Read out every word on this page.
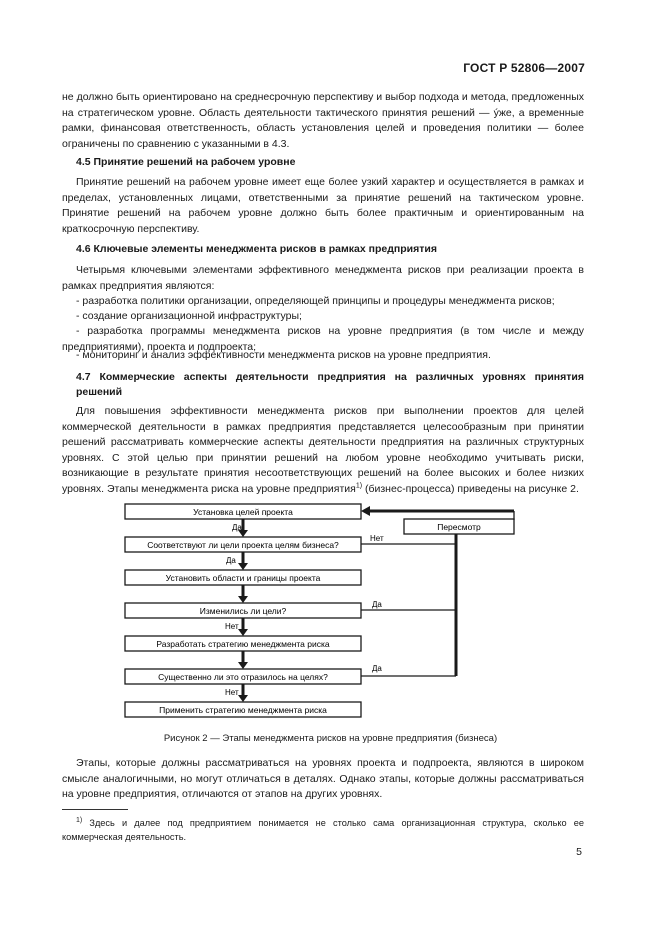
ГОСТ Р 52806—2007

не должно быть ориентировано на среднесрочную перспективу и выбор подхода и метода, предложенных на стратегическом уровне. Область деятельности тактического принятия решений — ýже, а временные рамки, финансовая ответственность, область установления целей и проведения политики — более ограничены по сравнению с указанными в 4.3.

4.5 Принятие решений на рабочем уровне

Принятие решений на рабочем уровне имеет еще более узкий характер и осуществляется в рамках и пределах, установленных лицами, ответственными за принятие решений на тактическом уровне. Принятие решений на рабочем уровне должно быть более практичным и ориентированным на краткосрочную перспективу.

4.6 Ключевые элементы менеджмента рисков в рамках предприятия

Четырьмя ключевыми элементами эффективного менеджмента рисков при реализации проекта в рамках предприятия являются:

- разработка политики организации, определяющей принципы и процедуры менеджмента рисков;

- создание организационной инфраструктуры;

- разработка программы менеджмента рисков на уровне предприятия (в том числе и между предприятиями), проекта и подпроекта;

- мониторинг и анализ эффективности менеджмента рисков на уровне предприятия.

4.7 Коммерческие аспекты деятельности предприятия на различных уровнях принятия решений

Для повышения эффективности менеджмента рисков при выполнении проектов для целей коммерческой деятельности в рамках предприятия представляется целесообразным при принятии решений рассматривать коммерческие аспекты деятельности предприятия на различных структурных уровнях. С этой целью при принятии решений на любом уровне необходимо учитывать риски, возникающие в результате принятия несоответствующих решений на более высоких и более низких уровнях. Этапы менеджмента риска на уровне предприятия$^{1)}$ (бизнес-процесса) приведены на рисунке 2.

Установка целей проекта
Соответствуют ли цели проекта целям бизнеса?
Установить области и границы проекта
Изменились ли цели?
Разработать стратегию менеджмента риска
Существенно ли это отразилось на целях?
Применить стратегию менеджмента риска
Пересмотр
Да
Нет
Да
Да
Нет
Да
Нет
Рисунок 2 — Этапы менеджмента рисков на уровне предприятия (бизнеса)

Этапы, которые должны рассматриваться на уровнях проекта и подпроекта, являются в широком смысле аналогичными, но могут отличаться в деталях. Однако этапы, которые должны рассматриваться на уровне предприятия, отличаются от этапов на других уровнях.

$^{1)}$ Здесь и далее под предприятием понимается не столько сама организационная структура, сколько ее коммерческая деятельность.

5
